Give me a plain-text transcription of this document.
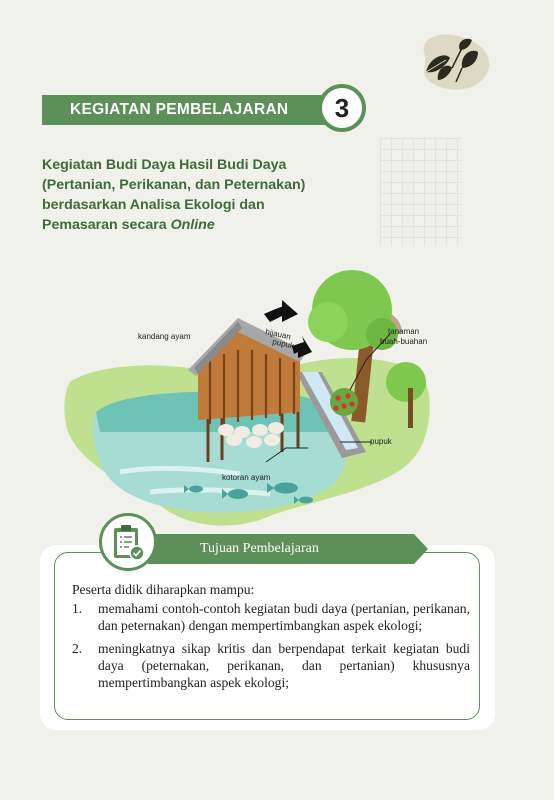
KEGIATAN PEMBELAJARAN	3
Kegiatan Budi Daya Hasil Budi Daya
(Pertanian, Perikanan, dan Peternakan)
berdasarkan Analisa Ekologi dan
Pemasaran secara Online
kandang ayam	hijauan
pupuk
tanaman
buah-buahan
pupuk
kotoran ayam
Tujuan Pembelajaran
Peserta didik diharapkan mampu:
1.	memahami contoh-contoh kegiatan budi daya (pertanian, perikanan, dan peternakan) dengan mempertimbangkan aspek ekologi;
2.	meningkatnya sikap kritis dan berpendapat terkait kegiatan budi daya (peternakan, perikanan, dan pertanian) khususnya mempertimbangkan aspek ekologi;
